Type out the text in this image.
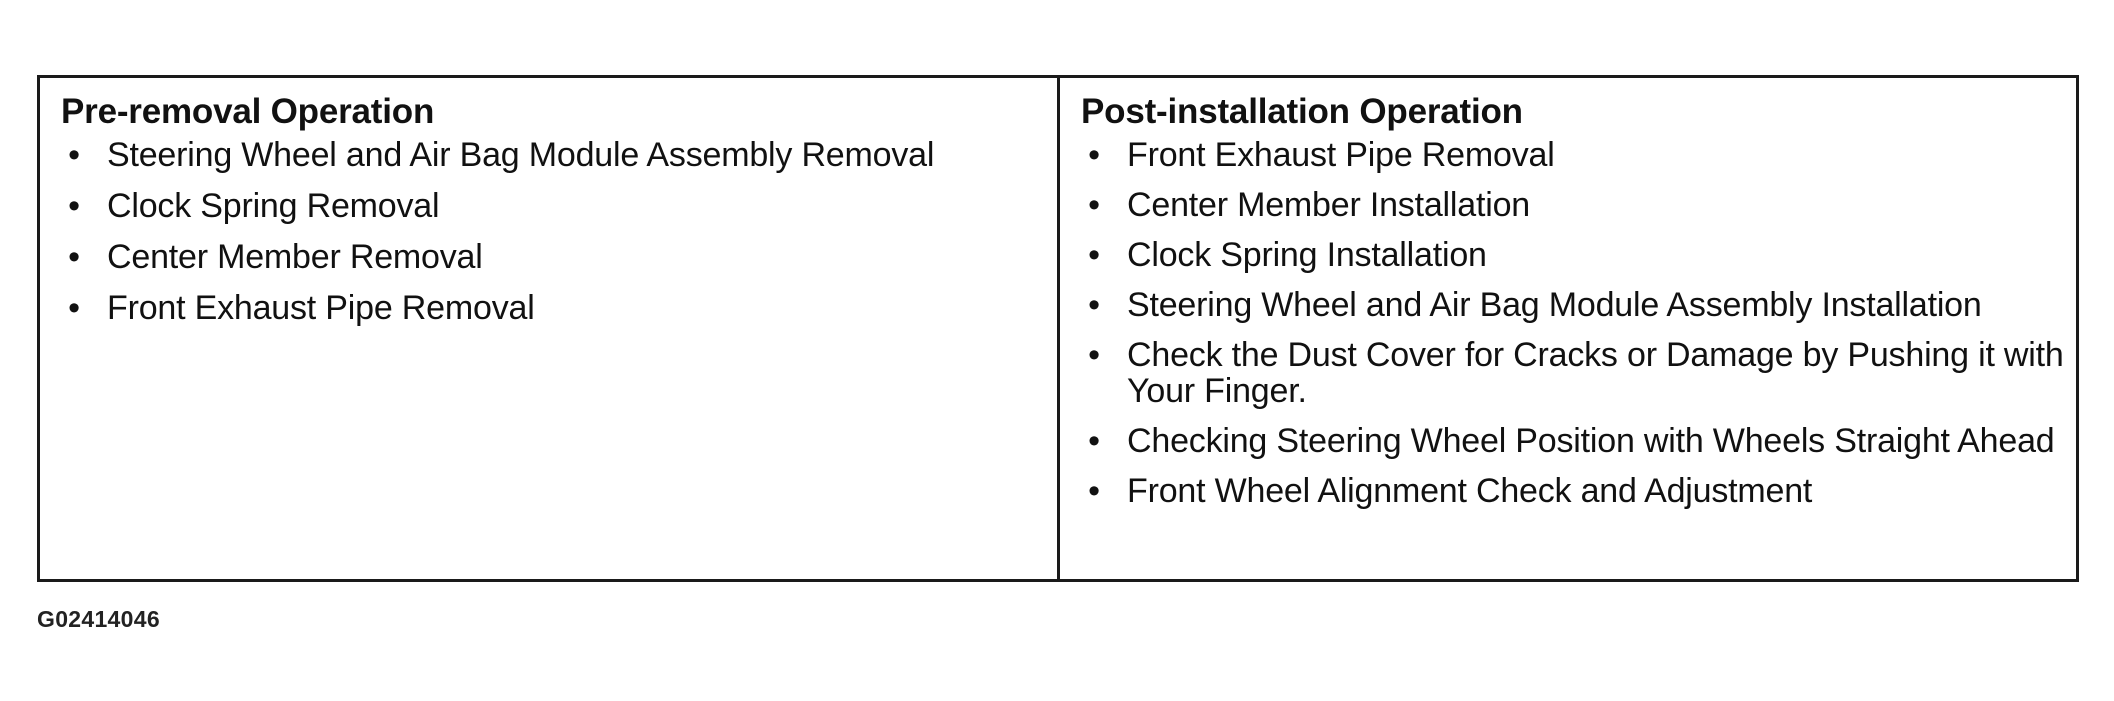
Pre-removal Operation
• Steering Wheel and Air Bag Module Assembly Removal
• Clock Spring Removal
• Center Member Removal
• Front Exhaust Pipe Removal
Post-installation Operation
• Front Exhaust Pipe Removal
• Center Member Installation
• Clock Spring Installation
• Steering Wheel and Air Bag Module Assembly Installation
• Check the Dust Cover for Cracks or Damage by Pushing it with Your Finger.
• Checking Steering Wheel Position with Wheels Straight Ahead
• Front Wheel Alignment Check and Adjustment
G02414046
